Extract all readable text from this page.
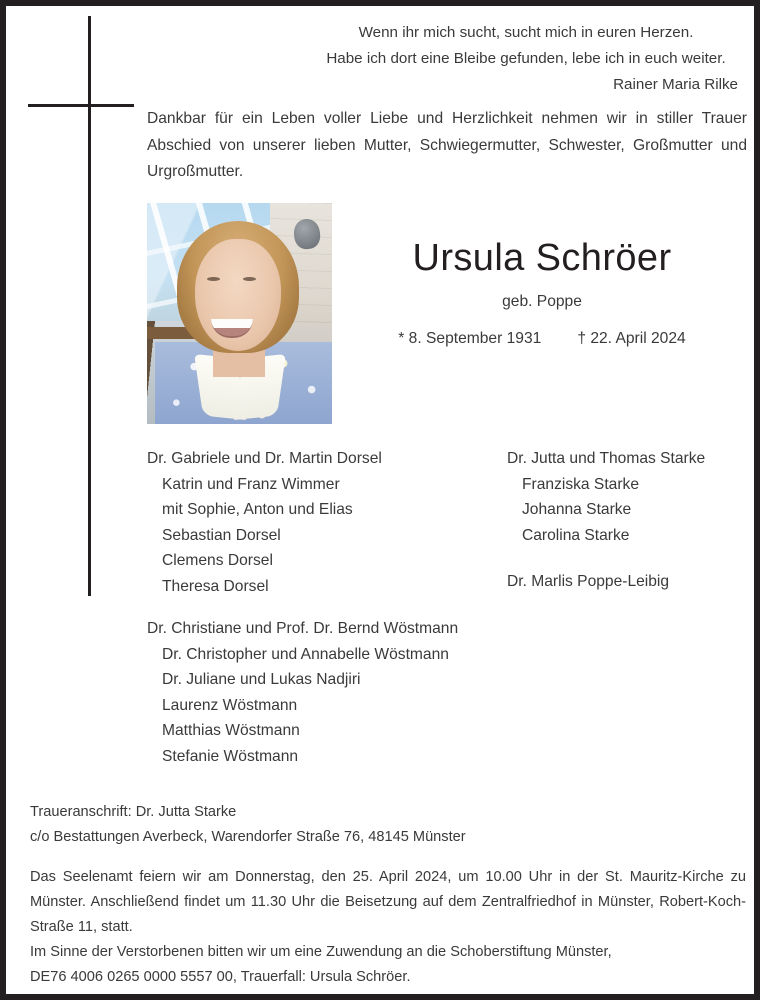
Wenn ihr mich sucht, sucht mich in euren Herzen.
Habe ich dort eine Bleibe gefunden, lebe ich in euch weiter.
Rainer Maria Rilke
Dankbar für ein Leben voller Liebe und Herzlichkeit nehmen wir in stiller Trauer Abschied von unserer lieben Mutter, Schwiegermutter, Schwester, Großmutter und Urgroßmutter.
Ursula Schröer
geb. Poppe
* 8. September 1931 † 22. April 2024
Dr. Gabriele und Dr. Martin Dorsel
Katrin und Franz Wimmer
mit Sophie, Anton und Elias
Sebastian Dorsel
Clemens Dorsel
Theresa Dorsel
Dr. Jutta und Thomas Starke
Franziska Starke
Johanna Starke
Carolina Starke
Dr. Marlis Poppe-Leibig
Dr. Christiane und Prof. Dr. Bernd Wöstmann
Dr. Christopher und Annabelle Wöstmann
Dr. Juliane und Lukas Nadjiri
Laurenz Wöstmann
Matthias Wöstmann
Stefanie Wöstmann
Traueranschrift: Dr. Jutta Starke
c/o Bestattungen Averbeck, Warendorfer Straße 76, 48145 Münster

Das Seelenamt feiern wir am Donnerstag, den 25. April 2024, um 10.00 Uhr in der St. Mauritz-Kirche zu Münster. Anschließend findet um 11.30 Uhr die Beisetzung auf dem Zentralfriedhof in Münster, Robert-Koch-Straße 11, statt.

Im Sinne der Verstorbenen bitten wir um eine Zuwendung an die Schoberstiftung Münster,

DE76 4006 0265 0000 5557 00, Trauerfall: Ursula Schröer.
